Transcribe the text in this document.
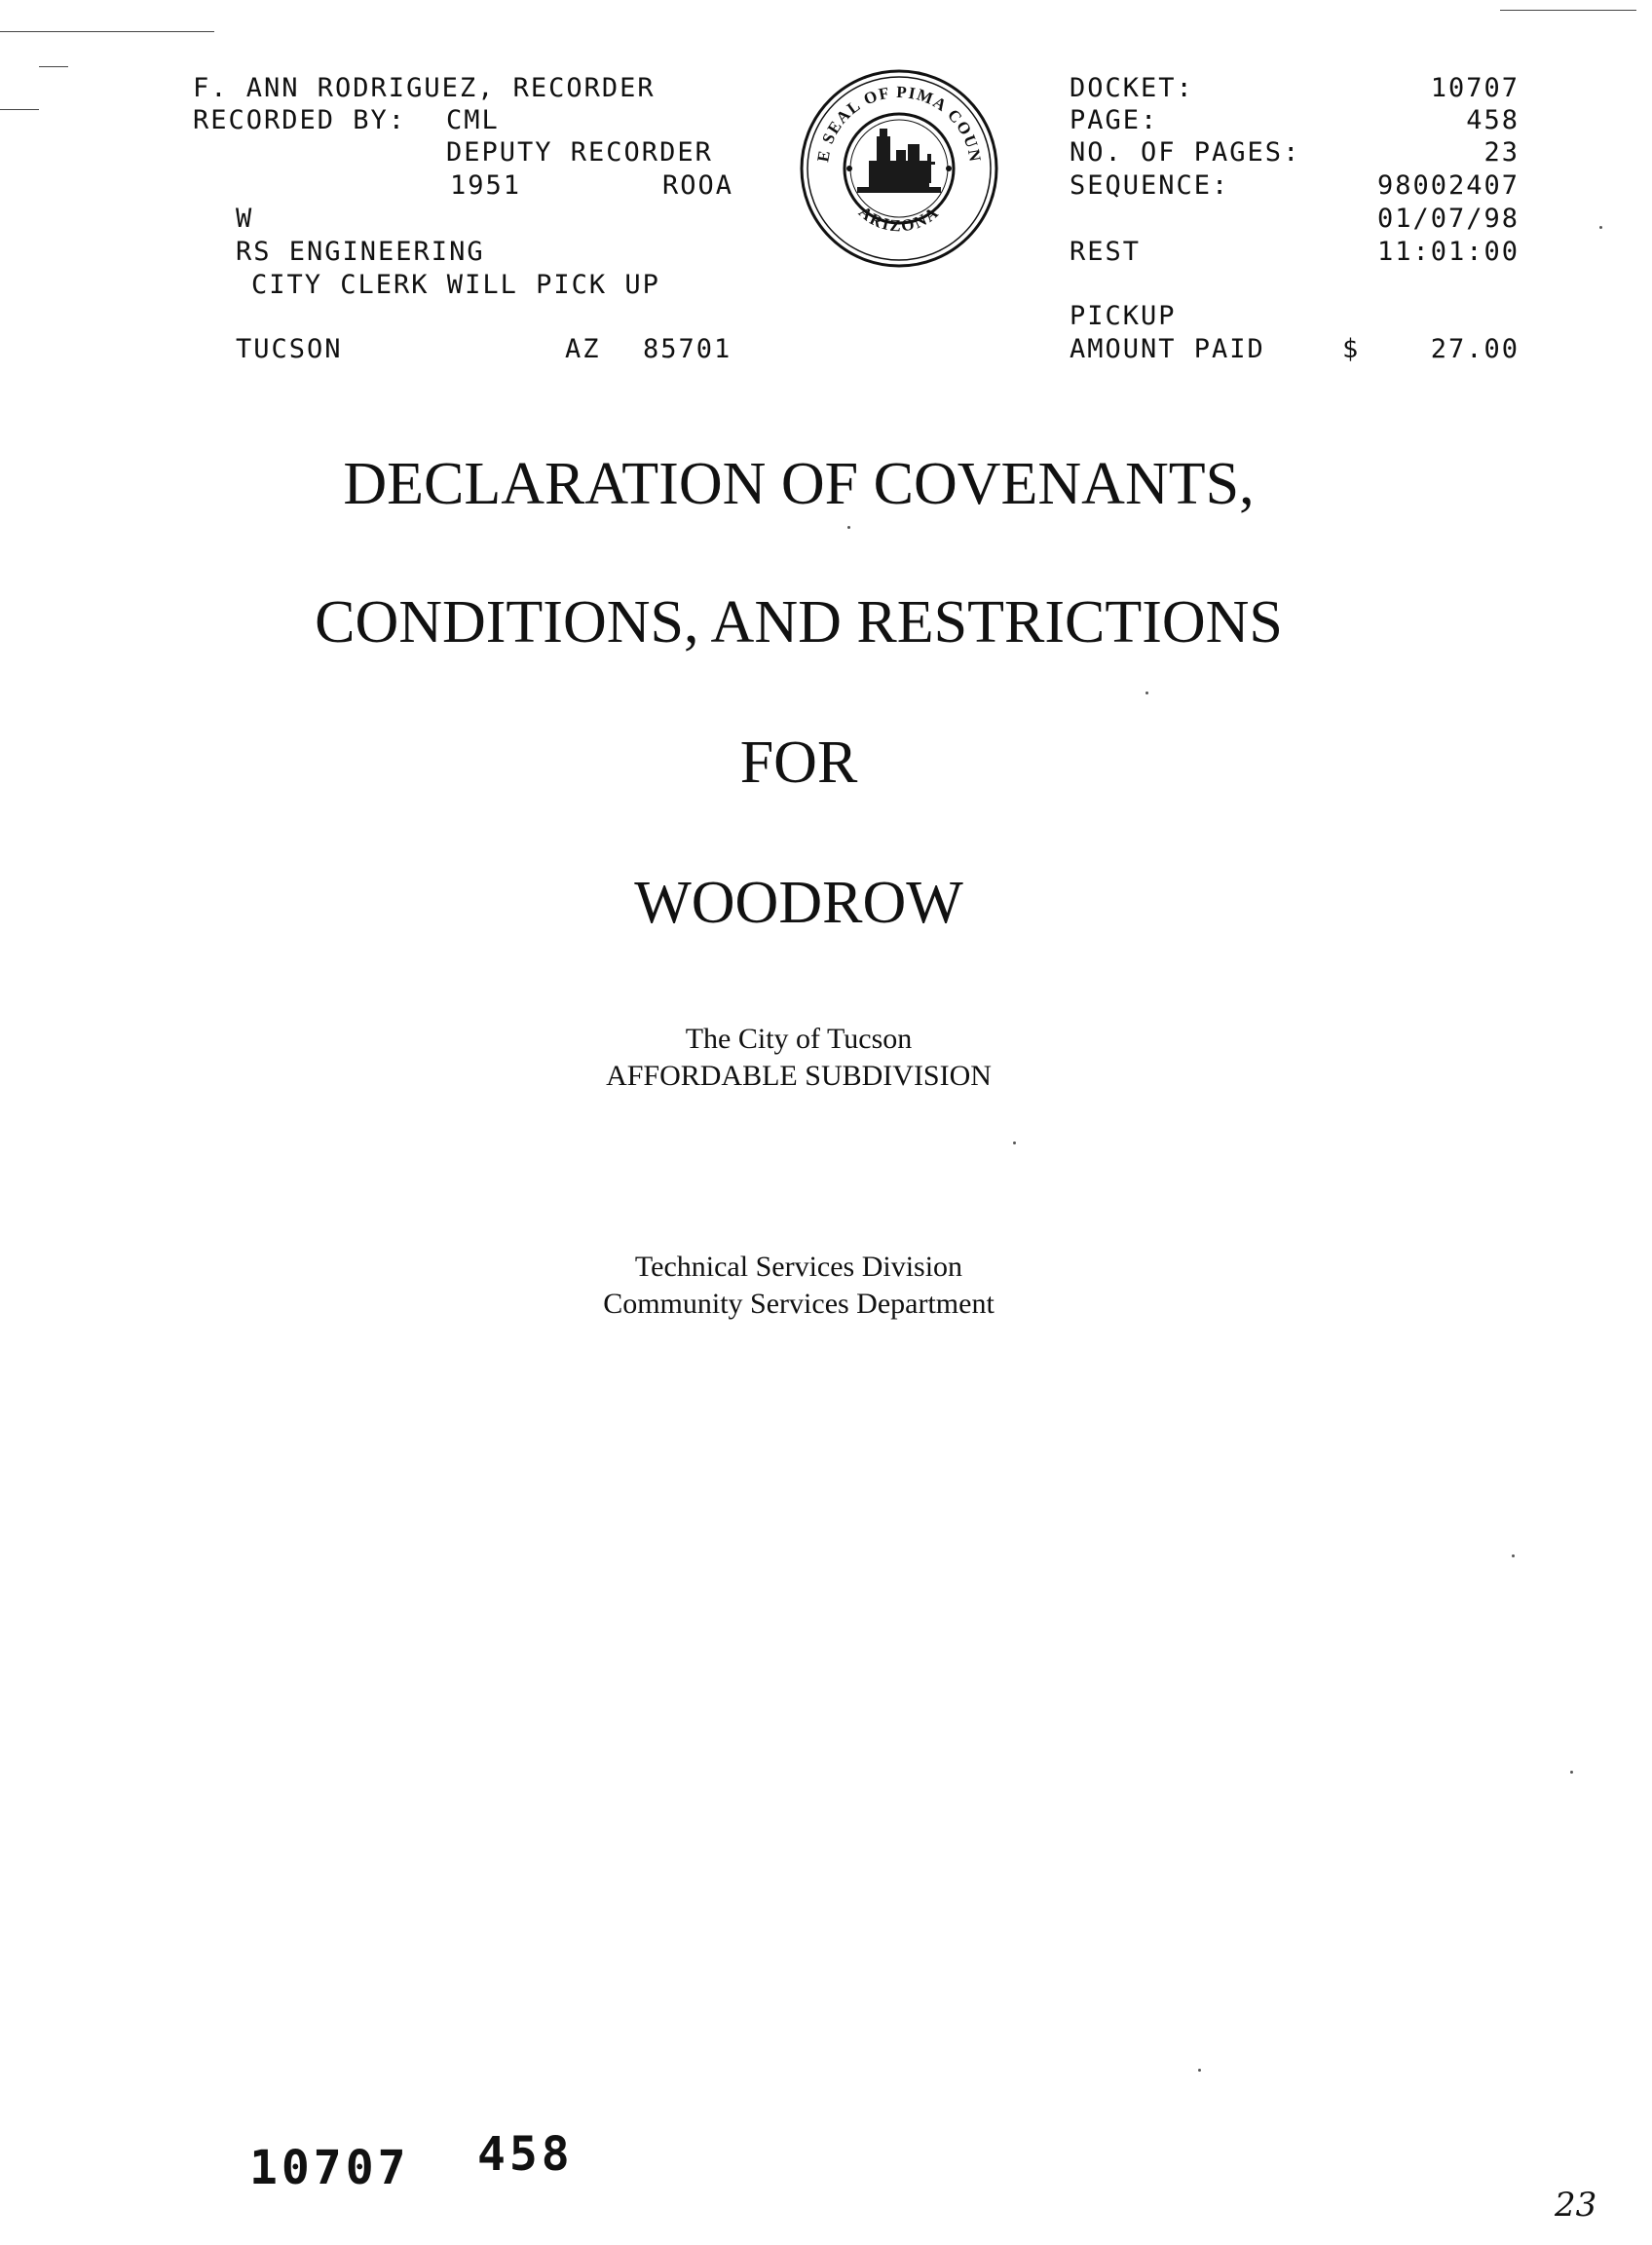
F. ANN RODRIGUEZ, RECORDER
RECORDED BY: CML
DEPUTY RECORDER
1951	ROOA
W
RS ENGINEERING
CITY CLERK WILL PICK UP
TUCSON	AZ 85701
E SEAL OF PIMA COUN
ARIZONA
DOCKET:	10707
PAGE:	458
NO. OF PAGES:	23
SEQUENCE:	98002407
01/07/98
REST	11:01:00
PICKUP
AMOUNT PAID	$	27.00
DECLARATION OF COVENANTS,
CONDITIONS, AND RESTRICTIONS
FOR
WOODROW
The City of Tucson
AFFORDABLE SUBDIVISION
Technical Services Division
Community Services Department
10707 458
23
